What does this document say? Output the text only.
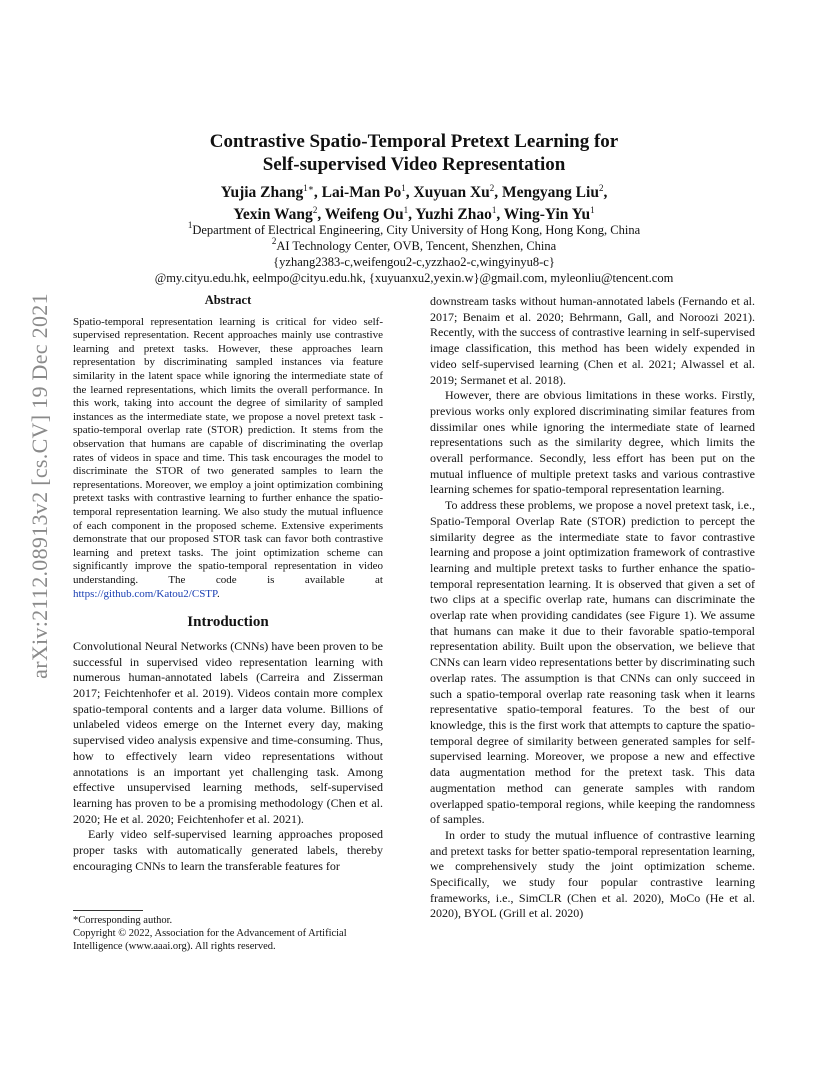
arXiv:2112.08913v2 [cs.CV] 19 Dec 2021
Contrastive Spatio-Temporal Pretext Learning for
Self-supervised Video Representation
Yujia Zhang$^{1∗}$, Lai-Man Po$^1$, Xuyuan Xu$^2$, Mengyang Liu$^2$,
Yexin Wang$^2$, Weifeng Ou$^1$, Yuzhi Zhao$^1$, Wing-Yin Yu$^1$
$^1$Department of Electrical Engineering, City University of Hong Kong, Hong Kong, China
$^2$AI Technology Center, OVB, Tencent, Shenzhen, China
{yzhang2383-c,weifengou2-c,yzzhao2-c,wingyinyu8-c}
@my.cityu.edu.hk, eelmpo@cityu.edu.hk, {xuyuanxu2,yexin.w}@gmail.com, myleonliu@tencent.com
Abstract
Spatio-temporal representation learning is critical for video self-supervised representation. Recent approaches mainly use contrastive learning and pretext tasks. However, these approaches learn representation by discriminating sampled instances via feature similarity in the latent space while ignoring the intermediate state of the learned representations, which limits the overall performance. In this work, taking into account the degree of similarity of sampled instances as the intermediate state, we propose a novel pretext task - spatio-temporal overlap rate (STOR) prediction. It stems from the observation that humans are capable of discriminating the overlap rates of videos in space and time. This task encourages the model to discriminate the STOR of two generated samples to learn the representations. Moreover, we employ a joint optimization combining pretext tasks with contrastive learning to further enhance the spatio-temporal representation learning. We also study the mutual influence of each component in the proposed scheme. Extensive experiments demonstrate that our proposed STOR task can favor both contrastive learning and pretext tasks. The joint optimization scheme can significantly improve the spatio-temporal representation in video understanding. The code is available at https://github.com/Katou2/CSTP.
Introduction

Convolutional Neural Networks (CNNs) have been proven to be successful in supervised video representation learning with numerous human-annotated labels (Carreira and Zisserman 2017; Feichtenhofer et al. 2019). Videos contain more complex spatio-temporal contents and a larger data volume. Billions of unlabeled videos emerge on the Internet every day, making supervised video analysis expensive and time-consuming. Thus, how to effectively learn video representations without annotations is an important yet challenging task. Among effective unsupervised learning methods, self-supervised learning has proven to be a promising methodology (Chen et al. 2020; He et al. 2020; Feichtenhofer et al. 2021).

Early video self-supervised learning approaches proposed proper tasks with automatically generated labels, thereby encouraging CNNs to learn the transferable features for

downstream tasks without human-annotated labels (Fernando et al. 2017; Benaim et al. 2020; Behrmann, Gall, and Noroozi 2021). Recently, with the success of contrastive learning in self-supervised image classification, this method has been widely expended in video self-supervised learning (Chen et al. 2021; Alwassel et al. 2019; Sermanet et al. 2018).

However, there are obvious limitations in these works. Firstly, previous works only explored discriminating similar features from dissimilar ones while ignoring the intermediate state of learned representations such as the similarity degree, which limits the overall performance. Secondly, less effort has been put on the mutual influence of multiple pretext tasks and various contrastive learning schemes for spatio-temporal representation learning.

To address these problems, we propose a novel pretext task, i.e., Spatio-Temporal Overlap Rate (STOR) prediction to percept the similarity degree as the intermediate state to favor contrastive learning and propose a joint optimization framework of contrastive learning and multiple pretext tasks to further enhance the spatio-temporal representation learning. It is observed that given a set of two clips at a specific overlap rate, humans can discriminate the overlap rate when providing candidates (see Figure 1). We assume that humans can make it due to their favorable spatio-temporal representation ability. Built upon the observation, we believe that CNNs can learn video representations better by discriminating such overlap rates. The assumption is that CNNs can only succeed in such a spatio-temporal overlap rate reasoning task when it learns representative spatio-temporal features. To the best of our knowledge, this is the first work that attempts to capture the spatio-temporal degree of similarity between generated samples for self-supervised learning. Moreover, we propose a new and effective data augmentation method for the pretext task. This data augmentation method can generate samples with random overlapped spatio-temporal regions, while keeping the randomness of samples.

In order to study the mutual influence of contrastive learning and pretext tasks for better spatio-temporal representation learning, we comprehensively study the joint optimization scheme. Specifically, we study four popular contrastive learning frameworks, i.e., SimCLR (Chen et al. 2020), MoCo (He et al. 2020), BYOL (Grill et al. 2020)

*Corresponding author.

Copyright © 2022, Association for the Advancement of Artificial Intelligence (www.aaai.org). All rights reserved.
